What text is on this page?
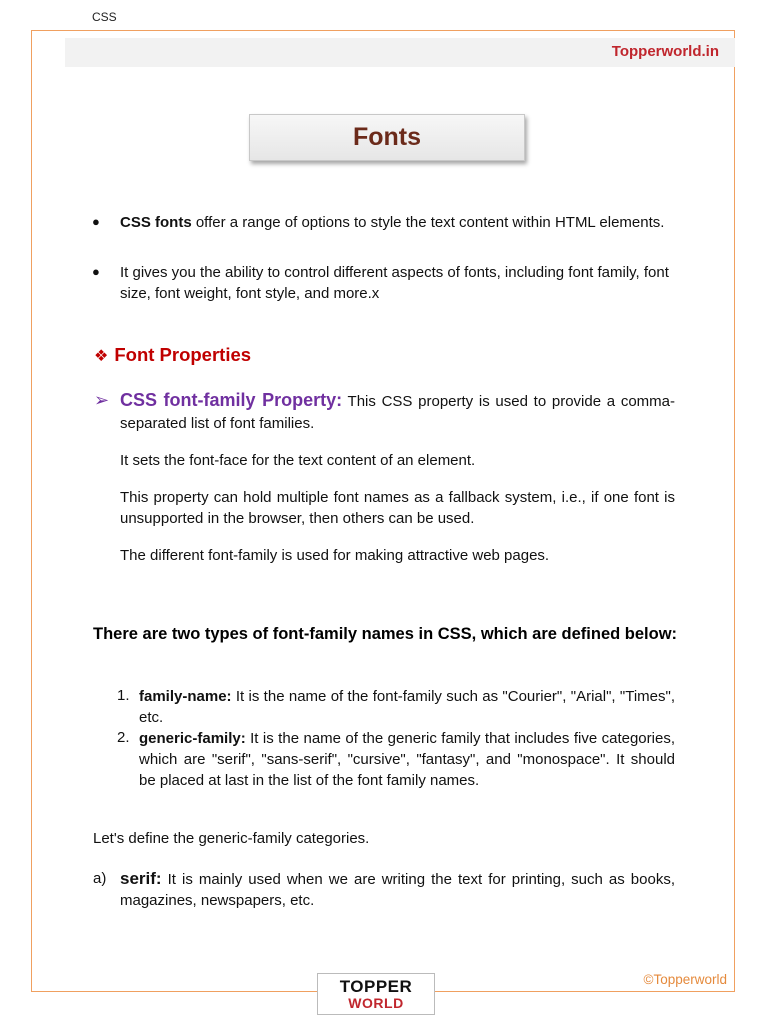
CSS
Topperworld.in
Fonts
● CSS fonts offer a range of options to style the text content within HTML elements.
● It gives you the ability to control different aspects of fonts, including font family, font size, font weight, font style, and more.x
❖ Font Properties
➢ CSS font-family Property: This CSS property is used to provide a comma-separated list of font families.
It sets the font-face for the text content of an element.
This property can hold multiple font names as a fallback system, i.e., if one font is unsupported in the browser, then others can be used.
The different font-family is used for making attractive web pages.
There are two types of font-family names in CSS, which are defined below:
1. family-name: It is the name of the font-family such as "Courier", "Arial", "Times", etc.
2. generic-family: It is the name of the generic family that includes five categories, which are "serif", "sans-serif", "cursive", "fantasy", and "monospace". It should be placed at last in the list of the font family names.
Let's define the generic-family categories.
a) serif: It is mainly used when we are writing the text for printing, such as books, magazines, newspapers, etc.
TOPPER
WORLD
©Topperworld
